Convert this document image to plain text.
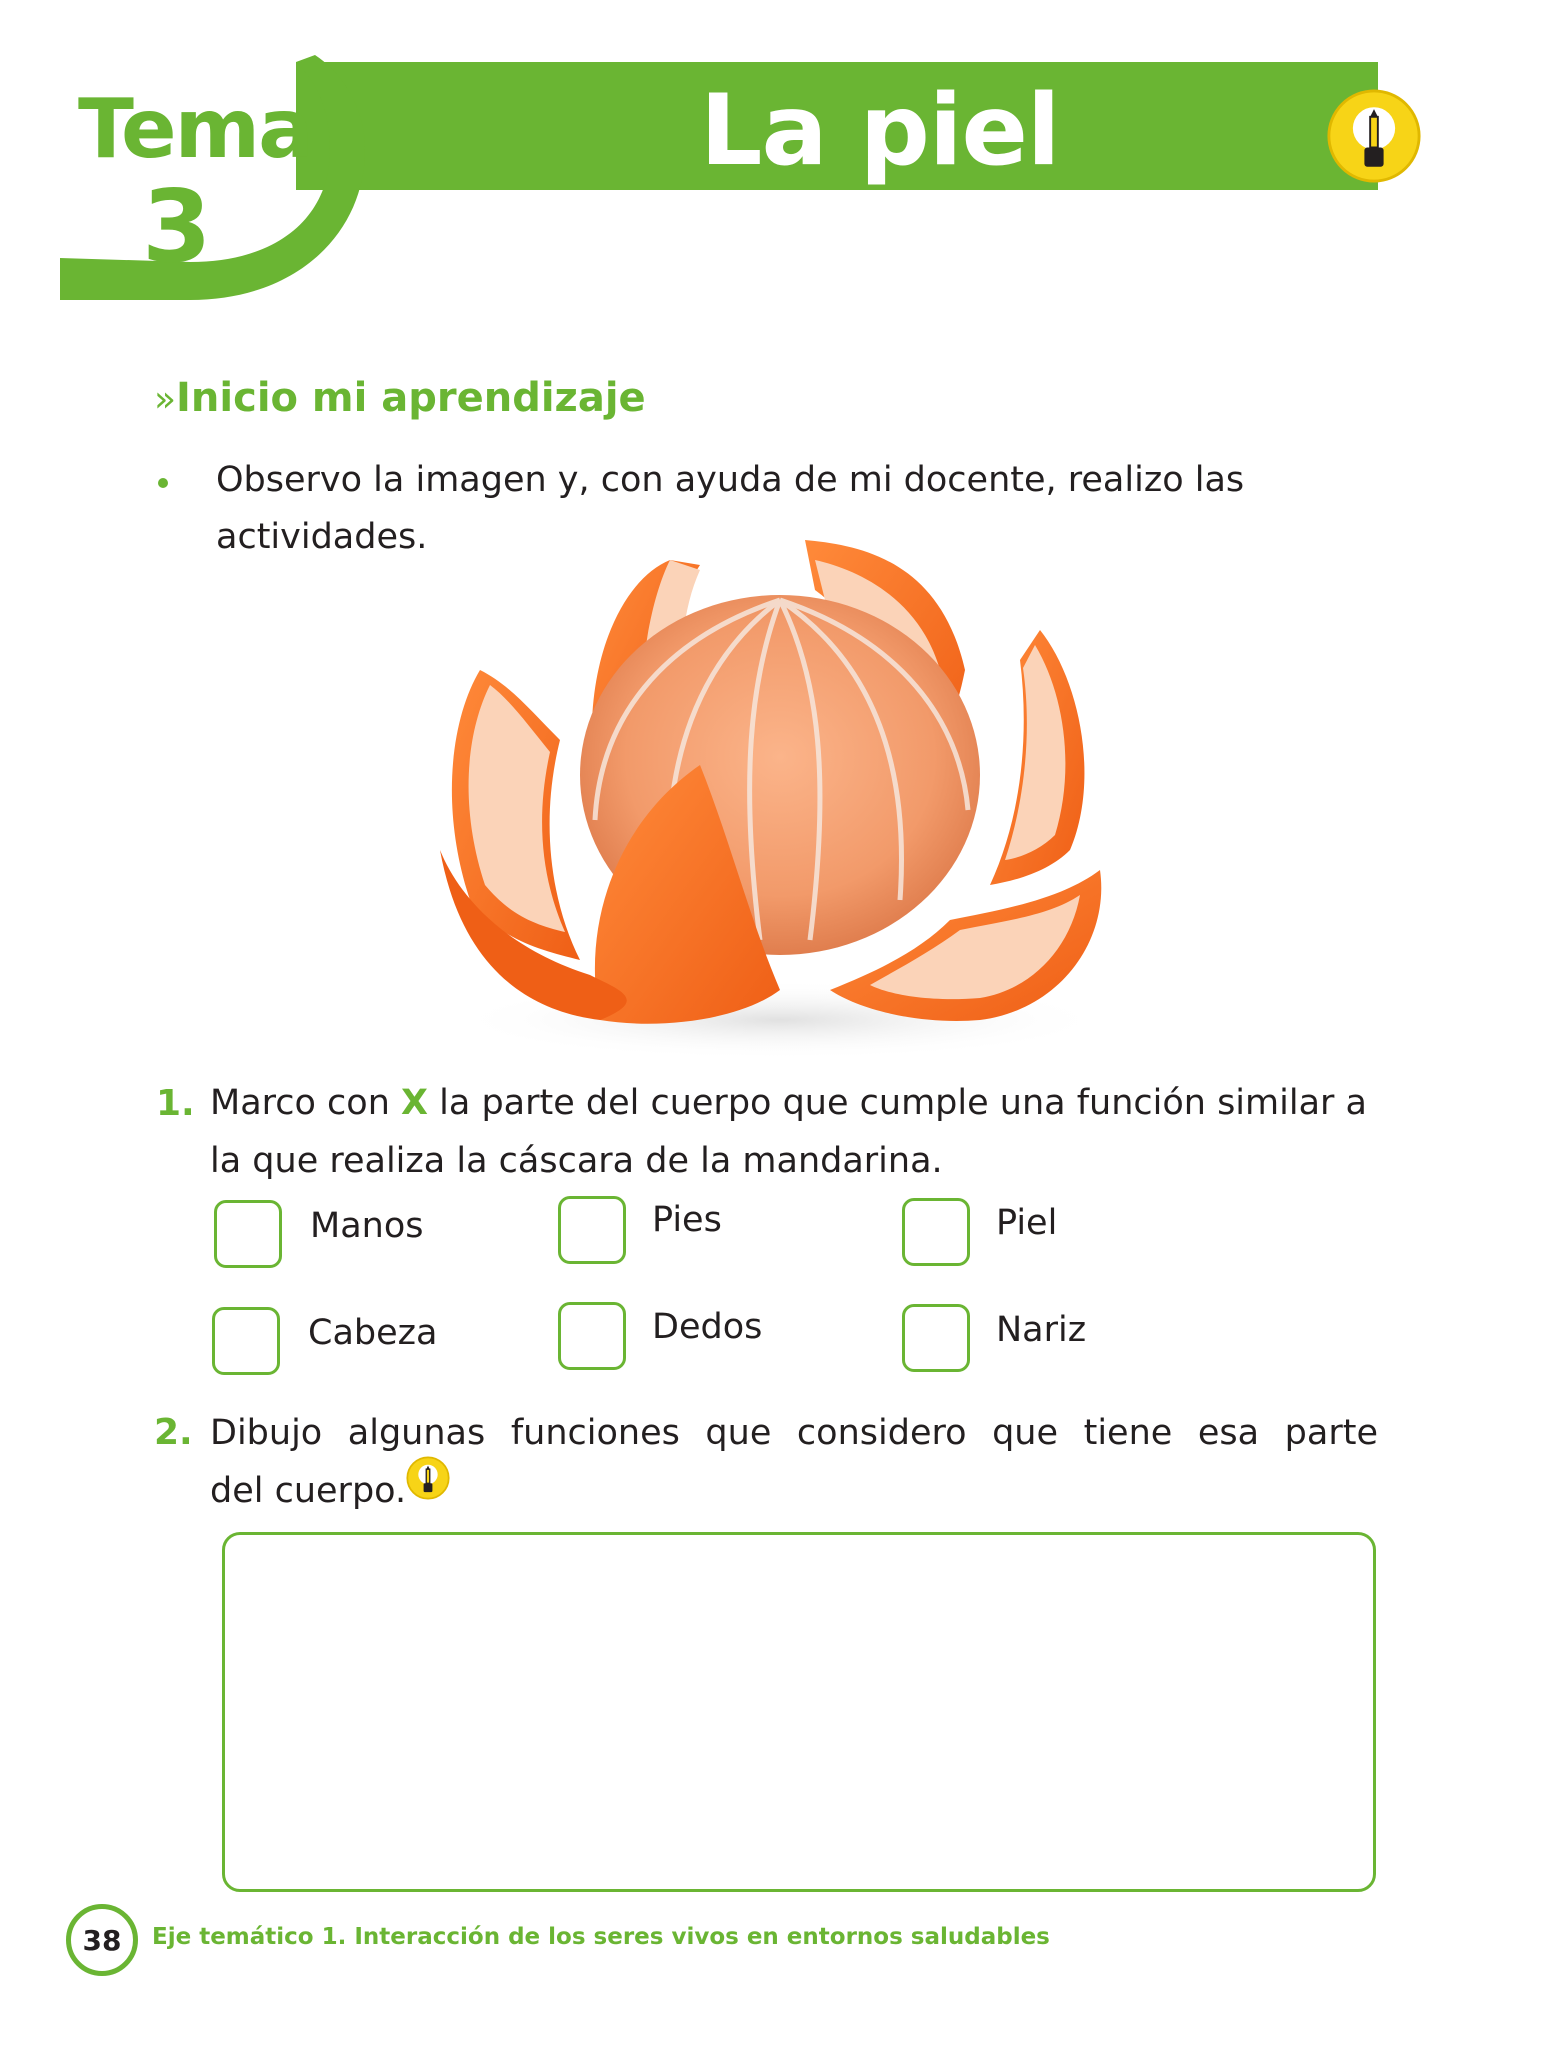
Tema
3
La piel
»Inicio mi aprendizaje
Observo la imagen y, con ayuda de mi docente, realizo las
actividades.
1. Marco con X la parte del cuerpo que cumple una función similar a
la que realiza la cáscara de la mandarina.
Manos	Pies	Piel
Cabeza	Dedos	Nariz
2. Dibujo algunas funciones que considero que tiene esa parte
del cuerpo.
38 Eje temático 1. Interacción de los seres vivos en entornos saludables
